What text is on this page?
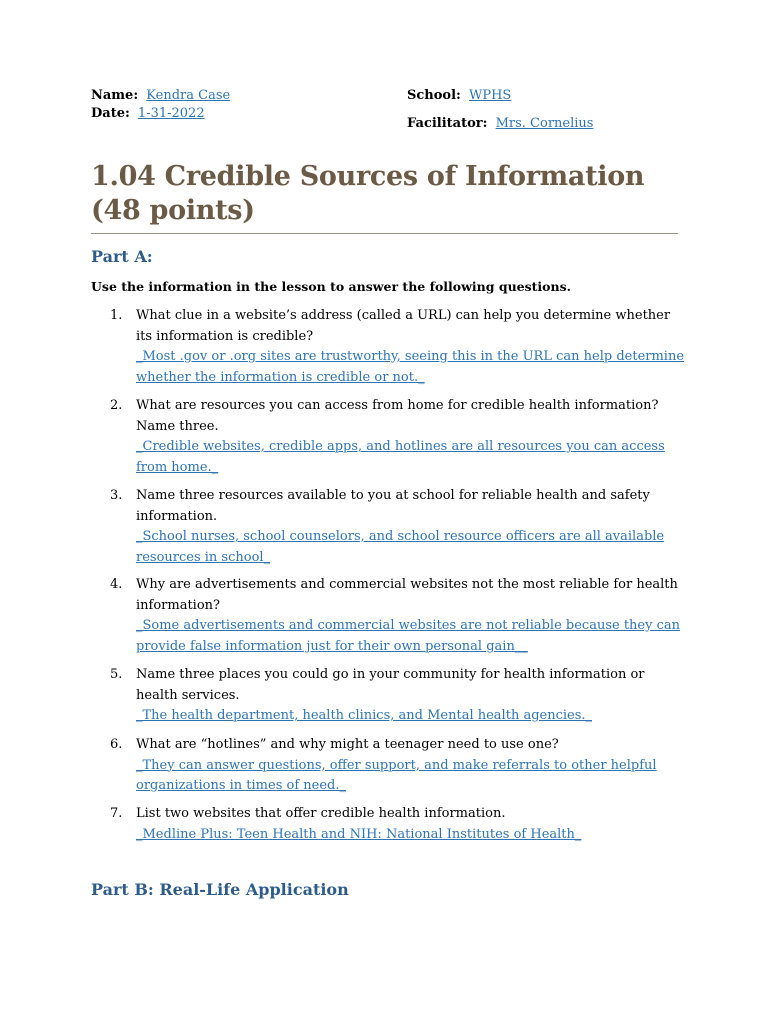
Name: Kendra Case
Date: 1-31-2022
School: WPHS
Facilitator: Mrs. Cornelius
1.04 Credible Sources of Information (48 points)
Part A:

Use the information in the lesson to answer the following questions.

1. What clue in a website’s address (called a URL) can help you determine whether its information is credible?
_Most .gov or .org sites are trustworthy, seeing this in the URL can help determine whether the information is credible or not._
2. What are resources you can access from home for credible health information? Name three.
_Credible websites, credible apps, and hotlines are all resources you can access from home._
3. Name three resources available to you at school for reliable health and safety information.
_School nurses, school counselors, and school resource officers are all available resources in school_
4. Why are advertisements and commercial websites not the most reliable for health information?
_Some advertisements and commercial websites are not reliable because they can provide false information just for their own personal gain__
5. Name three places you could go in your community for health information or health services.
_The health department, health clinics, and Mental health agencies._
6. What are “hotlines” and why might a teenager need to use one?
_They can answer questions, offer support, and make referrals to other helpful organizations in times of need._
7. List two websites that offer credible health information.
_Medline Plus: Teen Health and NIH: National Institutes of Health_
Part B: Real-Life Application
